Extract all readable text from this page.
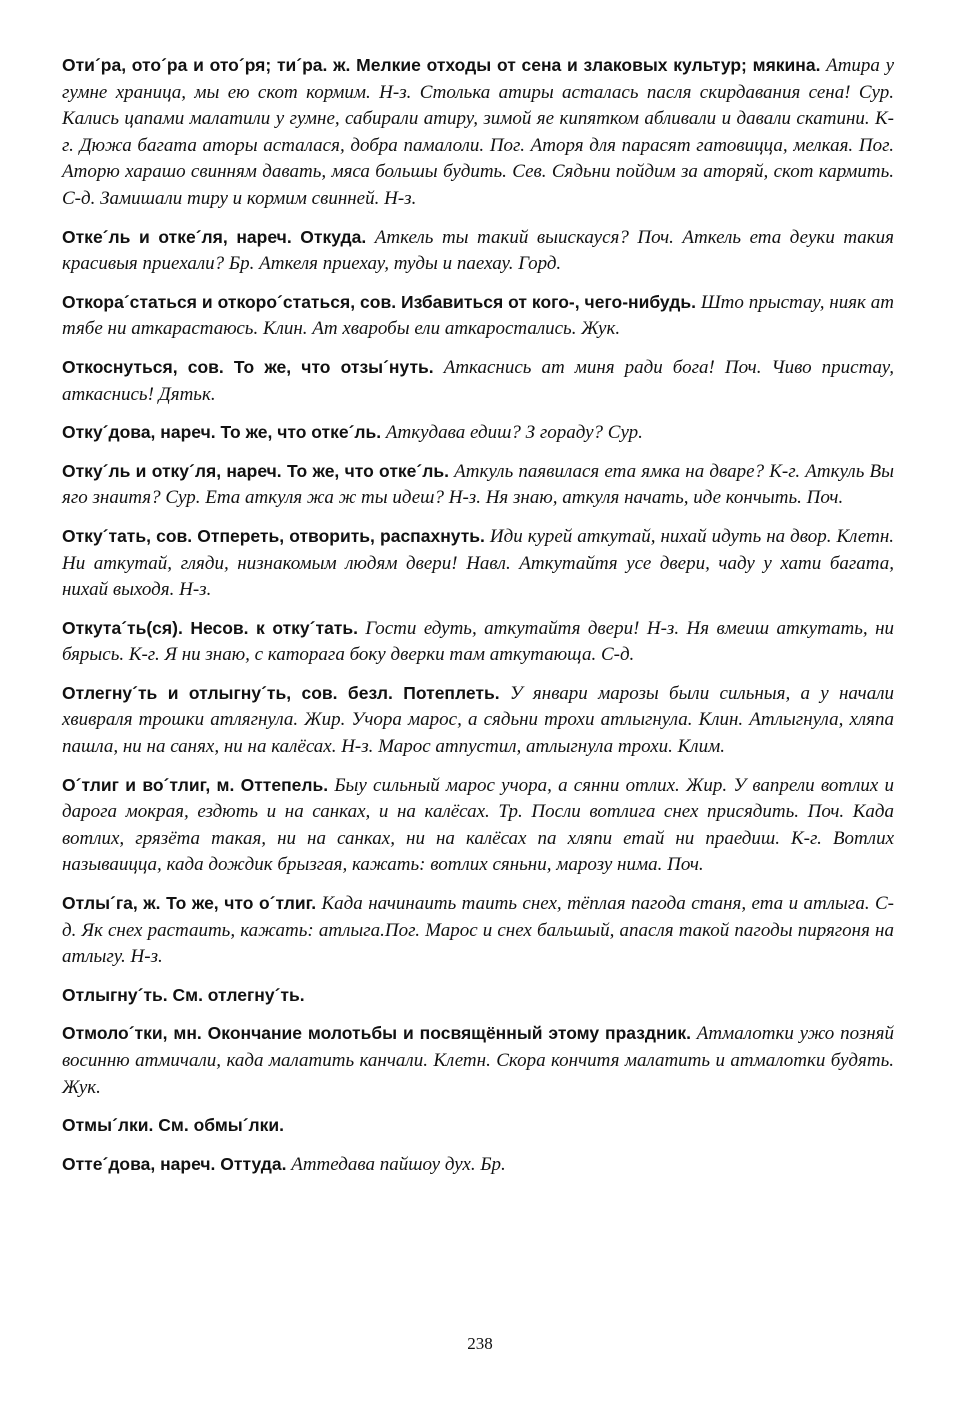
Оти´ра, ото´ра и ото´ря; ти´ра. ж. Мелкие отходы от сена и злаковых культур; мякина. Атира у гумне храница, мы ею скот кормим. Н-з. Столька атиры асталась пасля скирдавания сена! Сур. Кались цапами малатили у гумне, сабирали атиру, зимой яе кипятком абливали и давали скатини. К-г. Дюжа багата аторы асталася, добра памалоли. Пог. Аторя для парасят гатовицца, мелкая. Пог. Аторю харашо свинням давать, мяса большы будить. Сев. Сядьни пойдим за аторяй, скот кармить. С-д. Замишали тиру и кормим свинней. Н-з.

Отке´ль и отке´ля, нареч. Откуда. Аткель ты такий выискауся? Поч. Аткель ета деуки такия красивыя приехали? Бр. Аткеля приехау, туды и паехау. Горд.

Откора´статься и откоро´статься, сов. Избавиться от кого-, чего-нибудь. Што прыстау, нияк ат тябе ни аткарастаюсь. Клин. Ат хваробы ели аткаростались. Жук.

Откоснуться, сов. То же, что отзы´нуть. Аткаснись ат миня ради бога! Поч. Чиво пристау, аткаснись! Дятьк.

Отку´дова, нареч. То же, что отке´ль. Аткудава едиш? З гораду? Сур.

Отку´ль и отку´ля, нареч. То же, что отке´ль. Аткуль паявилася ета ямка на дваре? К-г. Аткуль Вы яго знаитя? Сур. Ета аткуля жа ж ты идеш? Н-з. Ня знаю, аткуля начать, иде кончыть. Поч.

Отку´тать, сов. Отпереть, отворить, распахнуть. Иди курей аткутай, нихай идуть на двор. Клетн. Ни аткутай, гляди, низнакомым людям двери! Навл. Аткутайтя усе двери, чаду у хати багата, нихай выходя. Н-з.

Откута´ть(ся). Несов. к отку´тать. Гости едуть, аткутайтя двери! Н-з. Ня вмеиш аткутать, ни бярысь. К-г. Я ни знаю, с каторага боку дверки там аткутающа. С-д.

Отлегну´ть и отлыгну´ть, сов. безл. Потеплеть. У январи марозы были сильныя, а у начали хвивраля трошки атлягнула. Жир. Учора марос, а сядьни трохи атлыгнула. Клин. Атлыгнула, хляпа пашла, ни на санях, ни на калёсах. Н-з. Марос атпустил, атлыгнула трохи. Клим.

О´тлиг и во´тлиг, м. Оттепель. Быу сильный марос учора, а сянни отлих. Жир. У вапрели вотлих и дарога мокрая, ездють и на санках, и на калёсах. Тр. Посли вотлига снех присядить. Поч. Када вотлих, грязёта такая, ни на санках, ни на калёсах па хляпи етай ни праедиш. К-г. Вотлих называицца, када дождик брызгая, кажать: вотлих сяньни, марозу нима. Поч.

Отлы´га, ж. То же, что о´тлиг. Када начинаить таить снех, тёплая пагода станя, ета и атлыга. С-д. Як снех растаить, кажать: атлыга.Пог. Марос и снех бальшый, апасля такой пагоды пирягоня на атлыгу. Н-з.

Отлыгну´ть. См. отлегну´ть.

Отмоло´тки, мн. Окончание молотьбы и посвящённый этому праздник. Атмалотки ужо позняй восинню атмичали, када малатить канчали. Клетн. Скора кончитя малатить и атмалотки будять. Жук.

Отмы´лки. См. обмы´лки.

Отте´дова, нареч. Оттуда. Аттедава пайшоу дух. Бр.

238
